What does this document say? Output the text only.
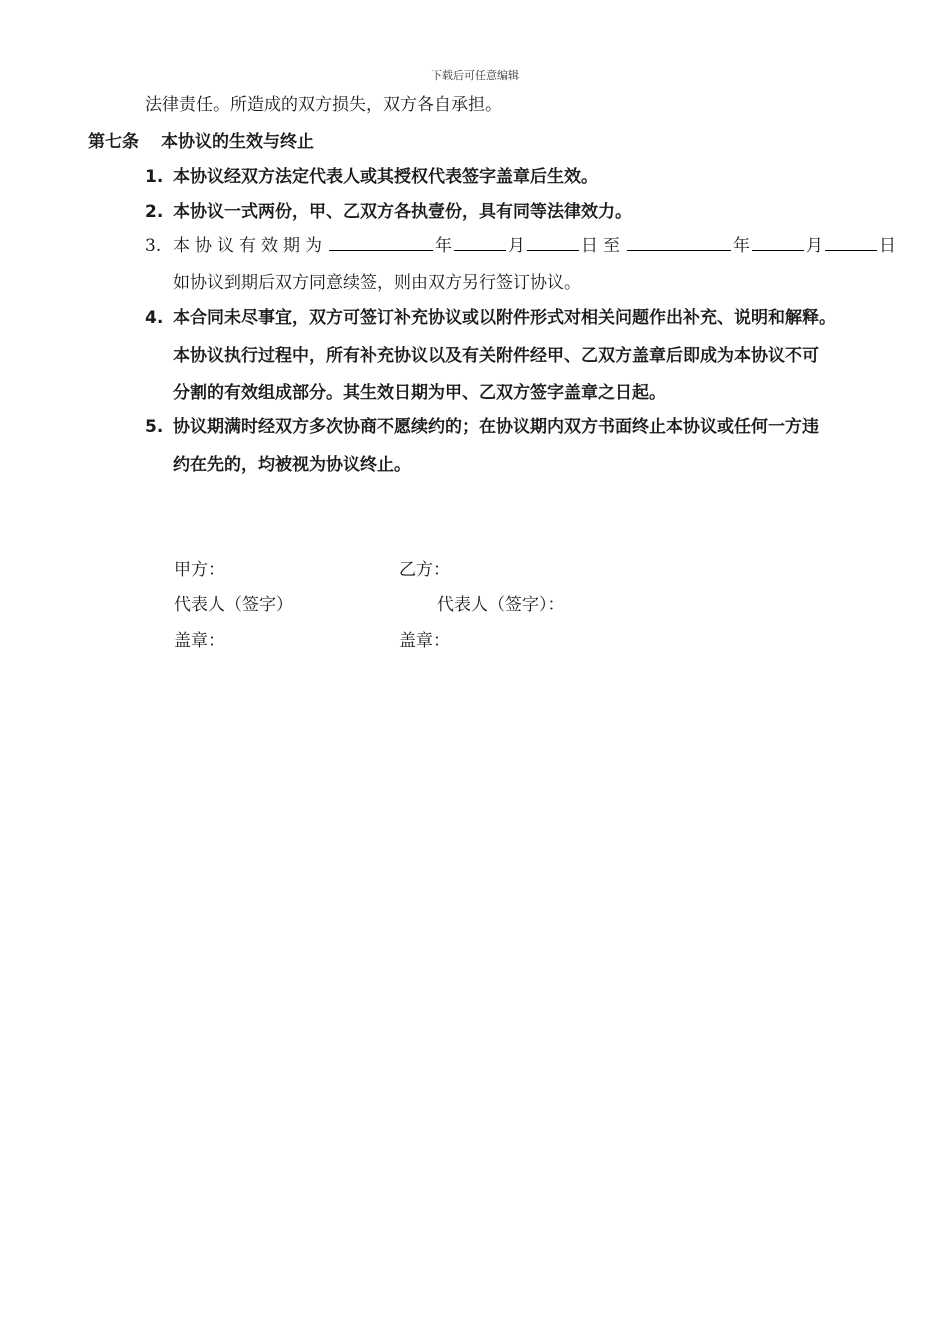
下载后可任意编辑
法律责任。所造成的双方损失，双方各自承担。
第七条 本协议的生效与终止
1. 本协议经双方法定代表人或其授权代表签字盖章后生效。
2. 本协议一式两份，甲、乙双方各执壹份，具有同等法律效力。
3. 本协议有效期为	年	月	日至	年	月	日
如协议到期后双方同意续签，则由双方另行签订协议。
4. 本合同未尽事宜，双方可签订补充协议或以附件形式对相关问题作出补充、说明和解释。
本协议执行过程中，所有补充协议以及有关附件经甲、乙双方盖章后即成为本协议不可
分割的有效组成部分。其生效日期为甲、乙双方签字盖章之日起。
5. 协议期满时经双方多次协商不愿续约的；在协议期内双方书面终止本协议或任何一方违
约在先的，均被视为协议终止。
甲方：	乙方：
代表人（签字）	代表人（签字）：
盖章：	盖章：
